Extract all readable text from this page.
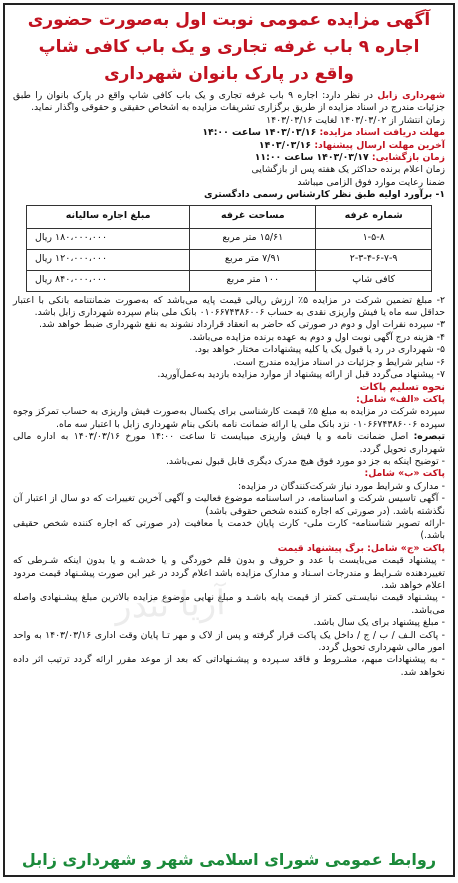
آگهی مزایده عمومی نوبت اول به‌صورت حضوری
اجاره ۹ باب غرفه تجاری و یک باب کافی شاپ
واقع در پارک بانوان شهرداری

شهرداری زابل در نظر دارد: اجاره ۹ باب غرفه تجاری و یک باب کافی شاپ واقع در پارک بانوان را طبق جزئیات مندرج در اسناد مزایده از طریق برگزاری تشریفات مزایده به اشخاص حقیقی و حقوقی واگذار نماید.

زمان انتشار از ۱۴۰۳/۰۳/۰۲ لغایت ۱۴۰۳/۰۳/۱۶

مهلت دریافت اسناد مزایده: ۱۴۰۳/۰۳/۱۶ ساعت ۱۴:۰۰

آخرین مهلت ارسال پیشنهاد: ۱۴۰۳/۰۳/۱۶

زمان بازگشایی: ۱۴۰۳/۰۳/۱۷ ساعت ۱۱:۰۰

زمان اعلام برنده حداکثر یک هفته پس از بازگشایی

ضمنا رعایت موارد فوق الزامی میباشد

۱- برآورد اولیه طبق نظر کارشناس رسمی دادگستری

شماره غرفه	مساحت غرفه	مبلغ اجاره سالیانه
۱-۵-۸	۱۵/۶۱ متر مربع	۱۸۰،۰۰۰،۰۰۰ ریال
۲-۳-۴-۶-۷-۹	۷/۹۱ متر مربع	۱۲۰،۰۰۰،۰۰۰ ریال
کافی شاپ	۱۰۰ متر مربع	۸۴۰،۰۰۰،۰۰۰ ریال

۲- مبلغ تضمین شرکت در مزایده ۵٪ ارزش ریالی قیمت پایه می‌باشد که به‌صورت ضمانتنامه بانکی با اعتبار حداقل سه ماه یا فیش واریزی نقدی به حساب ۰۱۰۶۶۷۴۳۸۶۰۰۶ بانک ملی بنام سپرده شهرداری زابل باشد.

۳- سپرده نفرات اول و دوم در صورتی که حاضر به انعقاد قرارداد نشوند به نفع شهرداری ضبط خواهد شد.

۴- هزینه درج آگهی نوبت اول و دوم به عهده برنده مزایده می‌باشد.

۵- شهرداری در رد یا قبول یک یا کلیه پیشنهادات مختار خواهد بود.

۶- سایر شرایط و جزئیات در اسناد مزایده مندرج است.

۷- پیشنهاد می‌گردد قبل از ارائه پیشنهاد از موارد مزایده بازدید به‌عمل‌آورید.

نحوه تسلیم پاکات

پاکت «الف» شامل:

سپرده شرکت در مزایده به مبلغ ۵٪ قیمت کارشناسی برای یکسال به‌صورت فیش واریزی به حساب تمرکز وجوه سپرده ۰۱۰۶۶۷۴۳۸۶۰۰۶ نزد بانک ملی یا ارائه ضمانت نامه بانکی بنام شهرداری زابل با اعتبار سه ماه.

تبصره: اصل ضمانت نامه و یا فیش واریزی میبایست تا ساعت ۱۴:۰۰ مورخ ۱۴۰۳/۰۳/۱۶ به اداره مالی شهرداری تحویل گردد.

- توضیح اینکه به جز دو مورد فوق هیچ مدرک دیگری قابل قبول نمی‌باشد.

پاکت «ب» شامل:

- مدارک و شرایط مورد نیاز شرکت‌کنندگان در مزایده:

- آگهی تاسیس شرکت و اساسنامه، در اساسنامه موضوع فعالیت و آگهی آخرین تغییرات که دو سال از اعتبار آن نگذشته باشد. (در صورتی که اجاره کننده شخص حقوقی باشد)

-ارائه تصویر شناسنامه- کارت ملی- کارت پایان خدمت یا معافیت (در صورتی که اجاره کننده شخص حقیقی باشد.)

پاکت «ج» شامل: برگ پیشنهاد قیمت

- پیشنهاد قیمت می‌بایست با عدد و حروف و بدون قلم خوردگی و یا خدشـه و یا بدون اینکه شـرطی که تغییردهنده شـرایط و مندرجات اسـناد و مدارک مزایده باشد اعلام گردد در غیر این صورت پیشـنهاد قیمت مردود اعلام خواهد شد.

- پیشـنهاد قیمت نبایسـتی کمتر از قیمت پایه باشـد و مبلغ نهایی موضوع مزایده بالاترین مبلغ پیشـنهادی واصله می‌باشد.

- مبلغ پیشنهاد برای یک سال باشد.

- پاکت الـف / ب / ج / داخل یک پاکت قرار گرفته و پس از لاک و مهر تـا پایان وقت اداری ۱۴۰۳/۰۳/۱۶ به واحد امور مالی شهرداری تحویل گردد.

- به پیشنهادات مبهم، مشـروط و فاقد سـپرده و پیشـنهاداتی که بعد از موعد مقرر ارائه گردد ترتیب اثر داده نخواهد شد.

آریا تندر
روابط عمومی شورای اسلامی شهر و شهرداری زابل
